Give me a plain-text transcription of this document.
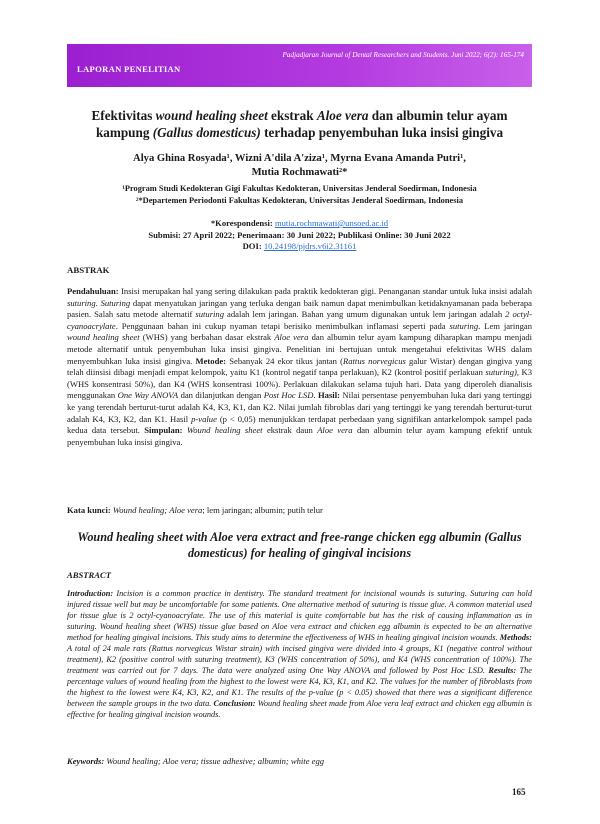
Padjadjaran Journal of Dental Researchers and Students. Juni 2022; 6(2): 165-174
LAPORAN PENELITIAN
Efektivitas wound healing sheet ekstrak Aloe vera dan albumin telur ayam kampung (Gallus domesticus) terhadap penyembuhan luka insisi gingiva
Alya Ghina Rosyada¹, Wizni A'dila A'ziza¹, Myrna Evana Amanda Putri¹,
Mutia Rochmawati²*
¹Program Studi Kedokteran Gigi Fakultas Kedokteran, Universitas Jenderal Soedirman, Indonesia
²*Departemen Periodonti Fakultas Kedokteran, Universitas Jenderal Soedirman, Indonesia
*Korespondensi: mutia.rochmawati@unsoed.ac.id
Submisi: 27 April 2022; Penerimaan: 30 Juni 2022; Publikasi Online: 30 Juni 2022
DOI: 10.24198/pjdrs.v6i2.31161
ABSTRAK
Pendahuluan: Insisi merupakan hal yang sering dilakukan pada praktik kedokteran gigi. Penanganan standar untuk luka insisi adalah suturing. Suturing dapat menyatukan jaringan yang terluka dengan baik namun dapat menimbulkan ketidaknyamanan pada beberapa pasien. Salah satu metode alternatif suturing adalah lem jaringan. Bahan yang umum digunakan untuk lem jaringan adalah 2 octyl-cyanoacrylate. Penggunaan bahan ini cukup nyaman tetapi berisiko menimbulkan inflamasi seperti pada suturing. Lem jaringan wound healing sheet (WHS) yang berbahan dasar ekstrak Aloe vera dan albumin telur ayam kampung diharapkan mampu menjadi metode alternatif untuk penyembuhan luka insisi gingiva. Penelitian ini bertujuan untuk mengetahui efektivitas WHS dalam menyembuhkan luka insisi gingiva. Metode: Sebanyak 24 ekor tikus jantan (Rattus norvegicus galur Wistar) dengan gingiva yang telah diinsisi dibagi menjadi empat kelompok, yaitu K1 (kontrol negatif tanpa perlakuan), K2 (kontrol positif perlakuan suturing), K3 (WHS konsentrasi 50%), dan K4 (WHS konsentrasi 100%). Perlakuan dilakukan selama tujuh hari. Data yang diperoleh dianalisis menggunakan One Way ANOVA dan dilanjutkan dengan Post Hoc LSD. Hasil: Nilai persentase penyembuhan luka dari yang tertinggi ke yang terendah berturut-turut adalah K4, K3, K1, dan K2. Nilai jumlah fibroblas dari yang tertinggi ke yang terendah berturut-turut adalah K4, K3, K2, dan K1. Hasil p-value (p < 0,05) menunjukkan terdapat perbedaan yang signifikan antarkelompok sampel pada kedua data tersebut. Simpulan: Wound healing sheet ekstrak daun Aloe vera dan albumin telur ayam kampung efektif untuk penyembuhan luka insisi gingiva.
Kata kunci: Wound healing; Aloe vera; lem jaringan; albumin; putih telur
Wound healing sheet with Aloe vera extract and free-range chicken egg albumin (Gallus domesticus) for healing of gingival incisions
ABSTRACT
Introduction: Incision is a common practice in dentistry. The standard treatment for incisional wounds is suturing. Suturing can hold injured tissue well but may be uncomfortable for some patients. One alternative method of suturing is tissue glue. A common material used for tissue glue is 2 octyl-cyanoacrylate. The use of this material is quite comfortable but has the risk of causing inflammation as in suturing. Wound healing sheet (WHS) tissue glue based on Aloe vera extract and chicken egg albumin is expected to be an alternative method for healing gingival incisions. This study aims to determine the effectiveness of WHS in healing gingival incision wounds. Methods: A total of 24 male rats (Rattus norvegicus Wistar strain) with incised gingiva were divided into 4 groups, K1 (negative control without treatment), K2 (positive control with suturing treatment), K3 (WHS concentration of 50%), and K4 (WHS concentration of 100%). The treatment was carried out for 7 days. The data were analyzed using One Way ANOVA and followed by Post Hoc LSD. Results: The percentage values of wound healing from the highest to the lowest were K4, K3, K1, and K2. The values for the number of fibroblasts from the highest to the lowest were K4, K3, K2, and K1. The results of the p-value (p < 0.05) showed that there was a significant difference between the sample groups in the two data. Conclusion: Wound healing sheet made from Aloe vera leaf extract and chicken egg albumin is effective for healing gingival incision wounds.
Keywords: Wound healing; Aloe vera; tissue adhesive; albumin; white egg
165
